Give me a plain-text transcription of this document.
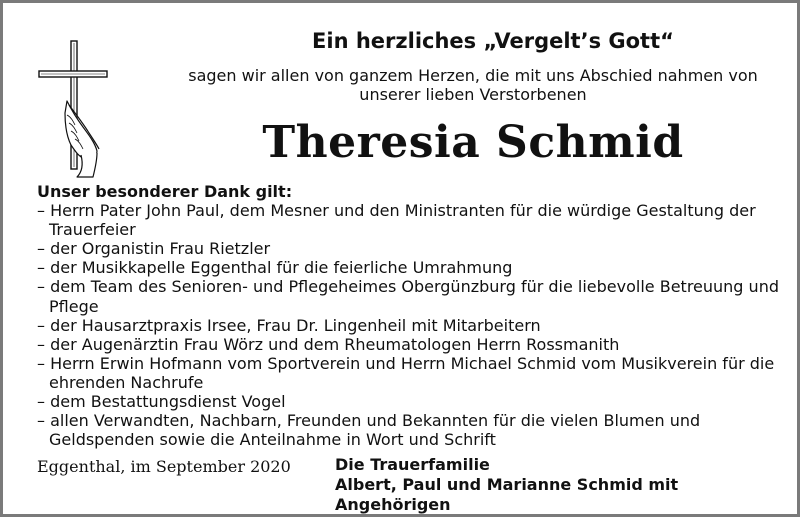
Ein herzliches „Vergelt’s Gott“
sagen wir allen von ganzem Herzen, die mit uns Abschied nahmen von
unserer lieben Verstorbenen
Theresia Schmid
Unser besonderer Dank gilt:
– Herrn Pater John Paul, dem Mesner und den Ministranten für die würdige Gestaltung der Trauerfeier
– der Organistin Frau Rietzler
– der Musikkapelle Eggenthal für die feierliche Umrahmung
– dem Team des Senioren- und Pflegeheimes Obergünzburg für die liebevolle Betreuung und Pflege
– der Hausarztpraxis Irsee, Frau Dr. Lingenheil mit Mitarbeitern
– der Augenärztin Frau Wörz und dem Rheumatologen Herrn Rossmanith
– Herrn Erwin Hofmann vom Sportverein und Herrn Michael Schmid vom Musikverein für die ehrenden Nachrufe
– dem Bestattungsdienst Vogel
– allen Verwandten, Nachbarn, Freunden und Bekannten für die vielen Blumen und Geldspenden sowie die Anteilnahme in Wort und Schrift
Eggenthal, im September 2020	Die Trauerfamilie
Albert, Paul und Marianne Schmid mit Angehörigen
